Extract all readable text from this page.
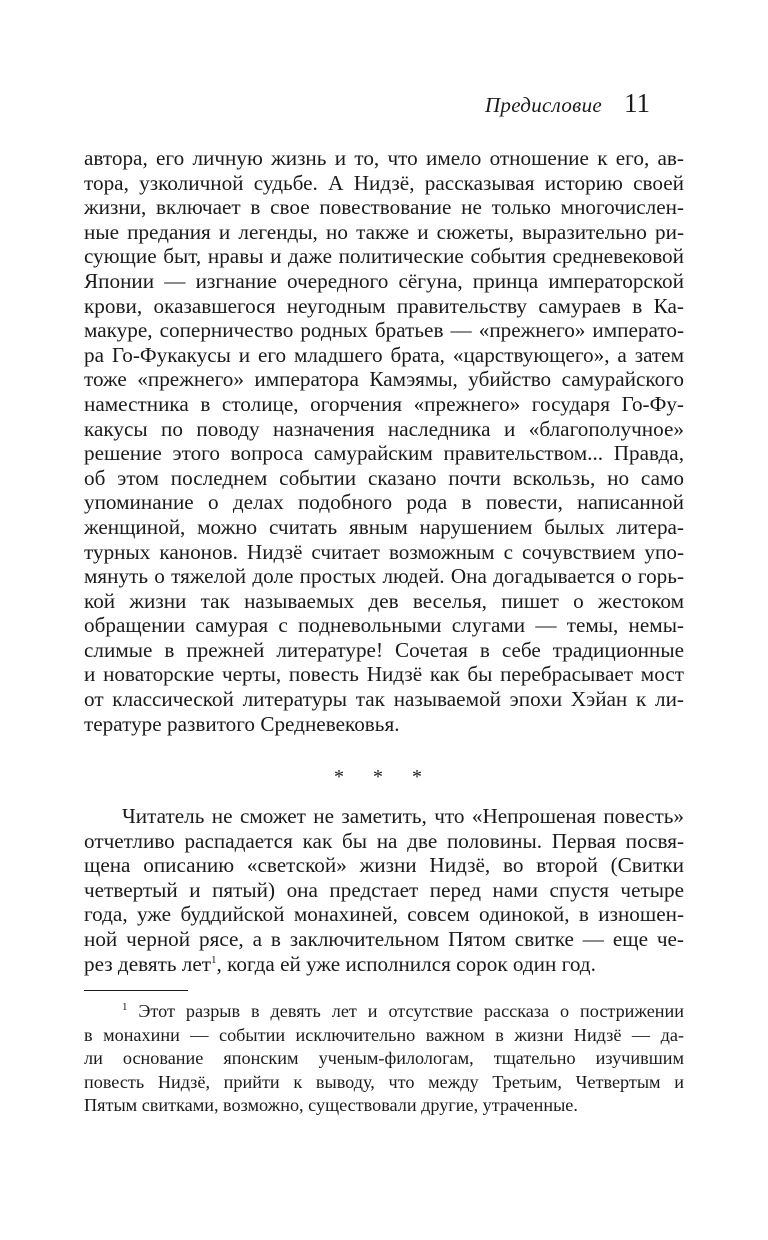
Предисловие 11
автора, его личную жизнь и то, что имело отношение к его, ав-
тора, узколичной судьбе. А Нидзё, рассказывая историю своей
жизни, включает в свое повествование не только многочислен-
ные предания и легенды, но также и сюжеты, выразительно ри-
сующие быт, нравы и даже политические события средневековой
Японии — изгнание очередного сёгуна, принца императорской
крови, оказавшегося неугодным правительству самураев в Ка-
макуре, соперничество родных братьев — «прежнего» императо-
ра Го-Фукакусы и его младшего брата, «царствующего», а затем
тоже «прежнего» императора Камэямы, убийство самурайского
наместника в столице, огорчения «прежнего» государя Го-Фу-
какусы по поводу назначения наследника и «благополучное»
решение этого вопроса самурайским правительством... Правда,
об этом последнем событии сказано почти вскользь, но само
упоминание о делах подобного рода в повести, написанной
женщиной, можно считать явным нарушением былых литера-
турных канонов. Нидзё считает возможным с сочувствием упо-
мянуть о тяжелой доле простых людей. Она догадывается о горь-
кой жизни так называемых дев веселья, пишет о жестоком
обращении самурая с подневольными слугами — темы, немы-
слимые в прежней литературе! Сочетая в себе традиционные
и новаторские черты, повесть Нидзё как бы перебрасывает мост
от классической литературы так называемой эпохи Хэйан к ли-
тературе развитого Средневековья.
* * *
Читатель не сможет не заметить, что «Непрошеная повесть»
отчетливо распадается как бы на две половины. Первая посвя-
щена описанию «светской» жизни Нидзё, во второй (Свитки
четвертый и пятый) она предстает перед нами спустя четыре
года, уже буддийской монахиней, совсем одинокой, в изношен-
ной черной рясе, а в заключительном Пятом свитке — еще че-
рез девять лет$^1$, когда ей уже исполнился сорок один год.
$^1$ Этот разрыв в девять лет и отсутствие рассказа о пострижении
в монахини — событии исключительно важном в жизни Нидзё — да-
ли основание японским ученым-филологам, тщательно изучившим
повесть Нидзё, прийти к выводу, что между Третьим, Четвертым и
Пятым свитками, возможно, существовали другие, утраченные.
